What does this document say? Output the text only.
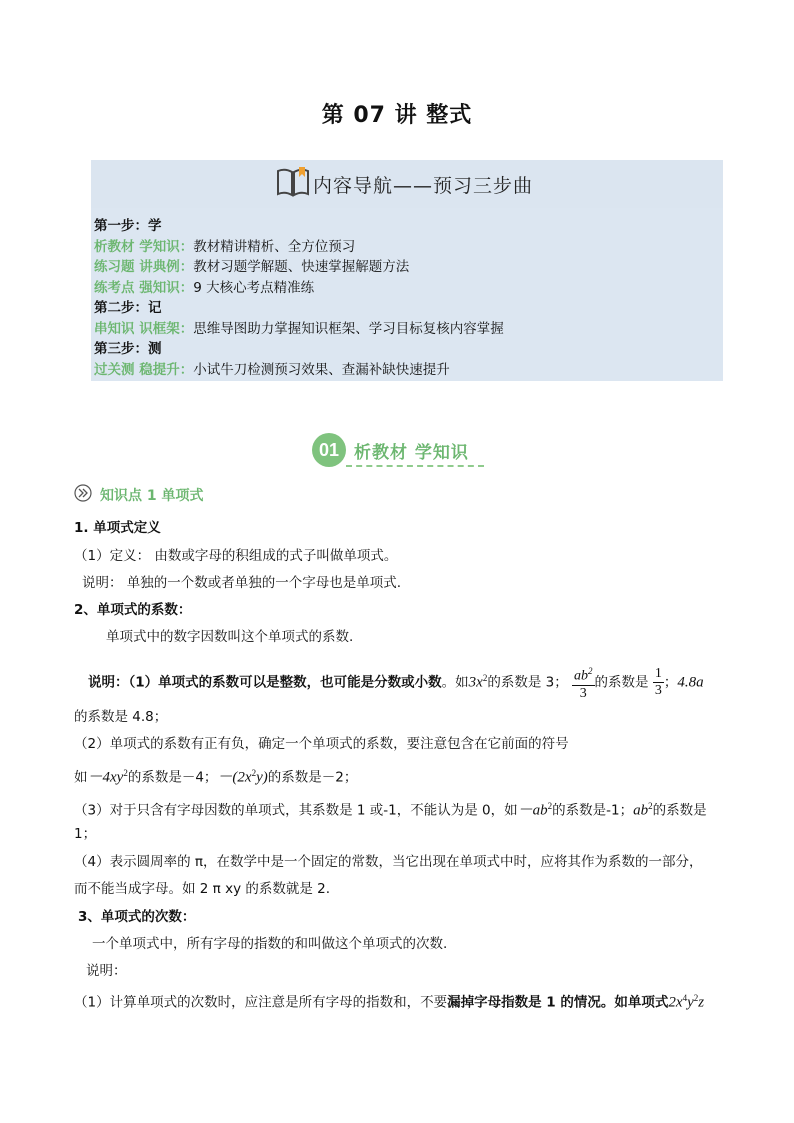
第 07 讲 整式
内容导航——预习三步曲
第一步：学
析教材 学知识：教材精讲精析、全方位预习
练习题 讲典例：教材习题学解题、快速掌握解题方法
练考点 强知识：9 大核心考点精准练
第二步：记
串知识 识框架：思维导图助力掌握知识框架、学习目标复核内容掌握
第三步：测
过关测 稳提升：小试牛刀检测预习效果、查漏补缺快速提升
01 析教材 学知识
知识点 1 单项式
1. 单项式定义
（1）定义： 由数或字母的积组成的式子叫做单项式。
说明： 单独的一个数或者单独的一个字母也是单项式.
2、单项式的系数：
单项式中的数字因数叫这个单项式的系数.
说明：（1）单项式的系数可以是整数，也可能是分数或小数。如$3x^2$的系数是 3； $\frac{ab^2}{3}$ 的系数是 $\frac{1}{3}$ ；4.8a
的系数是 4.8；
（2）单项式的系数有正有负，确定一个单项式的系数，要注意包含在它前面的符号
如$-4xy^2$的系数是－4；$-(2x^2y)$的系数是－2；
（3）对于只含有字母因数的单项式，其系数是 1 或-1，不能认为是 0，如$-ab^2$的系数是-1；$ab^2$的系数是
1；
（4）表示圆周率的 π，在数学中是一个固定的常数，当它出现在单项式中时，应将其作为系数的一部分，
而不能当成字母。如 2 π xy 的系数就是 2.
3、单项式的次数：
一个单项式中，所有字母的指数的和叫做这个单项式的次数.
说明：
（1）计算单项式的次数时，应注意是所有字母的指数和，不要漏掉字母指数是 1 的情况。如单项式$2x^4y^2z$
